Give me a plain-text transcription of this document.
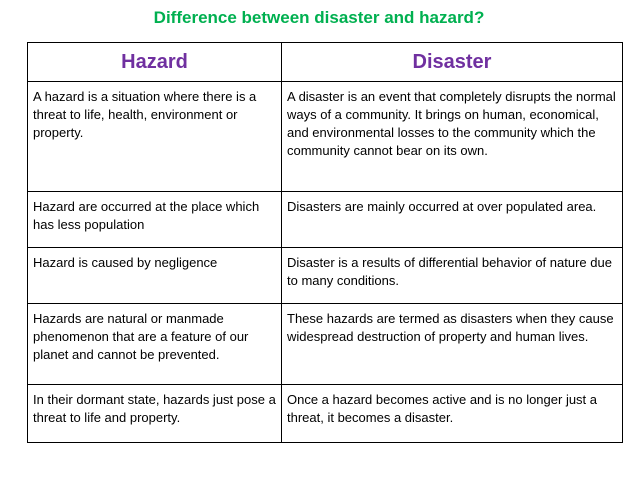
Difference between disaster and hazard?
Hazard	Disaster
A hazard is a situation where there is a threat to life, health, environment or property.	A disaster is an event that completely disrupts the normal ways of a community. It brings on human, economical, and environmental losses to the community which the community cannot bear on its own.
Hazard are occurred at the place which has less population	Disasters are mainly occurred at over populated area.
Hazard is caused by negligence	Disaster is a results of differential behavior of nature due to many conditions.
Hazards are natural or manmade phenomenon that are a feature of our planet and cannot be prevented.	These hazards are termed as disasters when they cause widespread destruction of property and human lives.
In their dormant state, hazards just pose a threat to life and property.	Once a hazard becomes active and is no longer just a threat, it becomes a disaster.
